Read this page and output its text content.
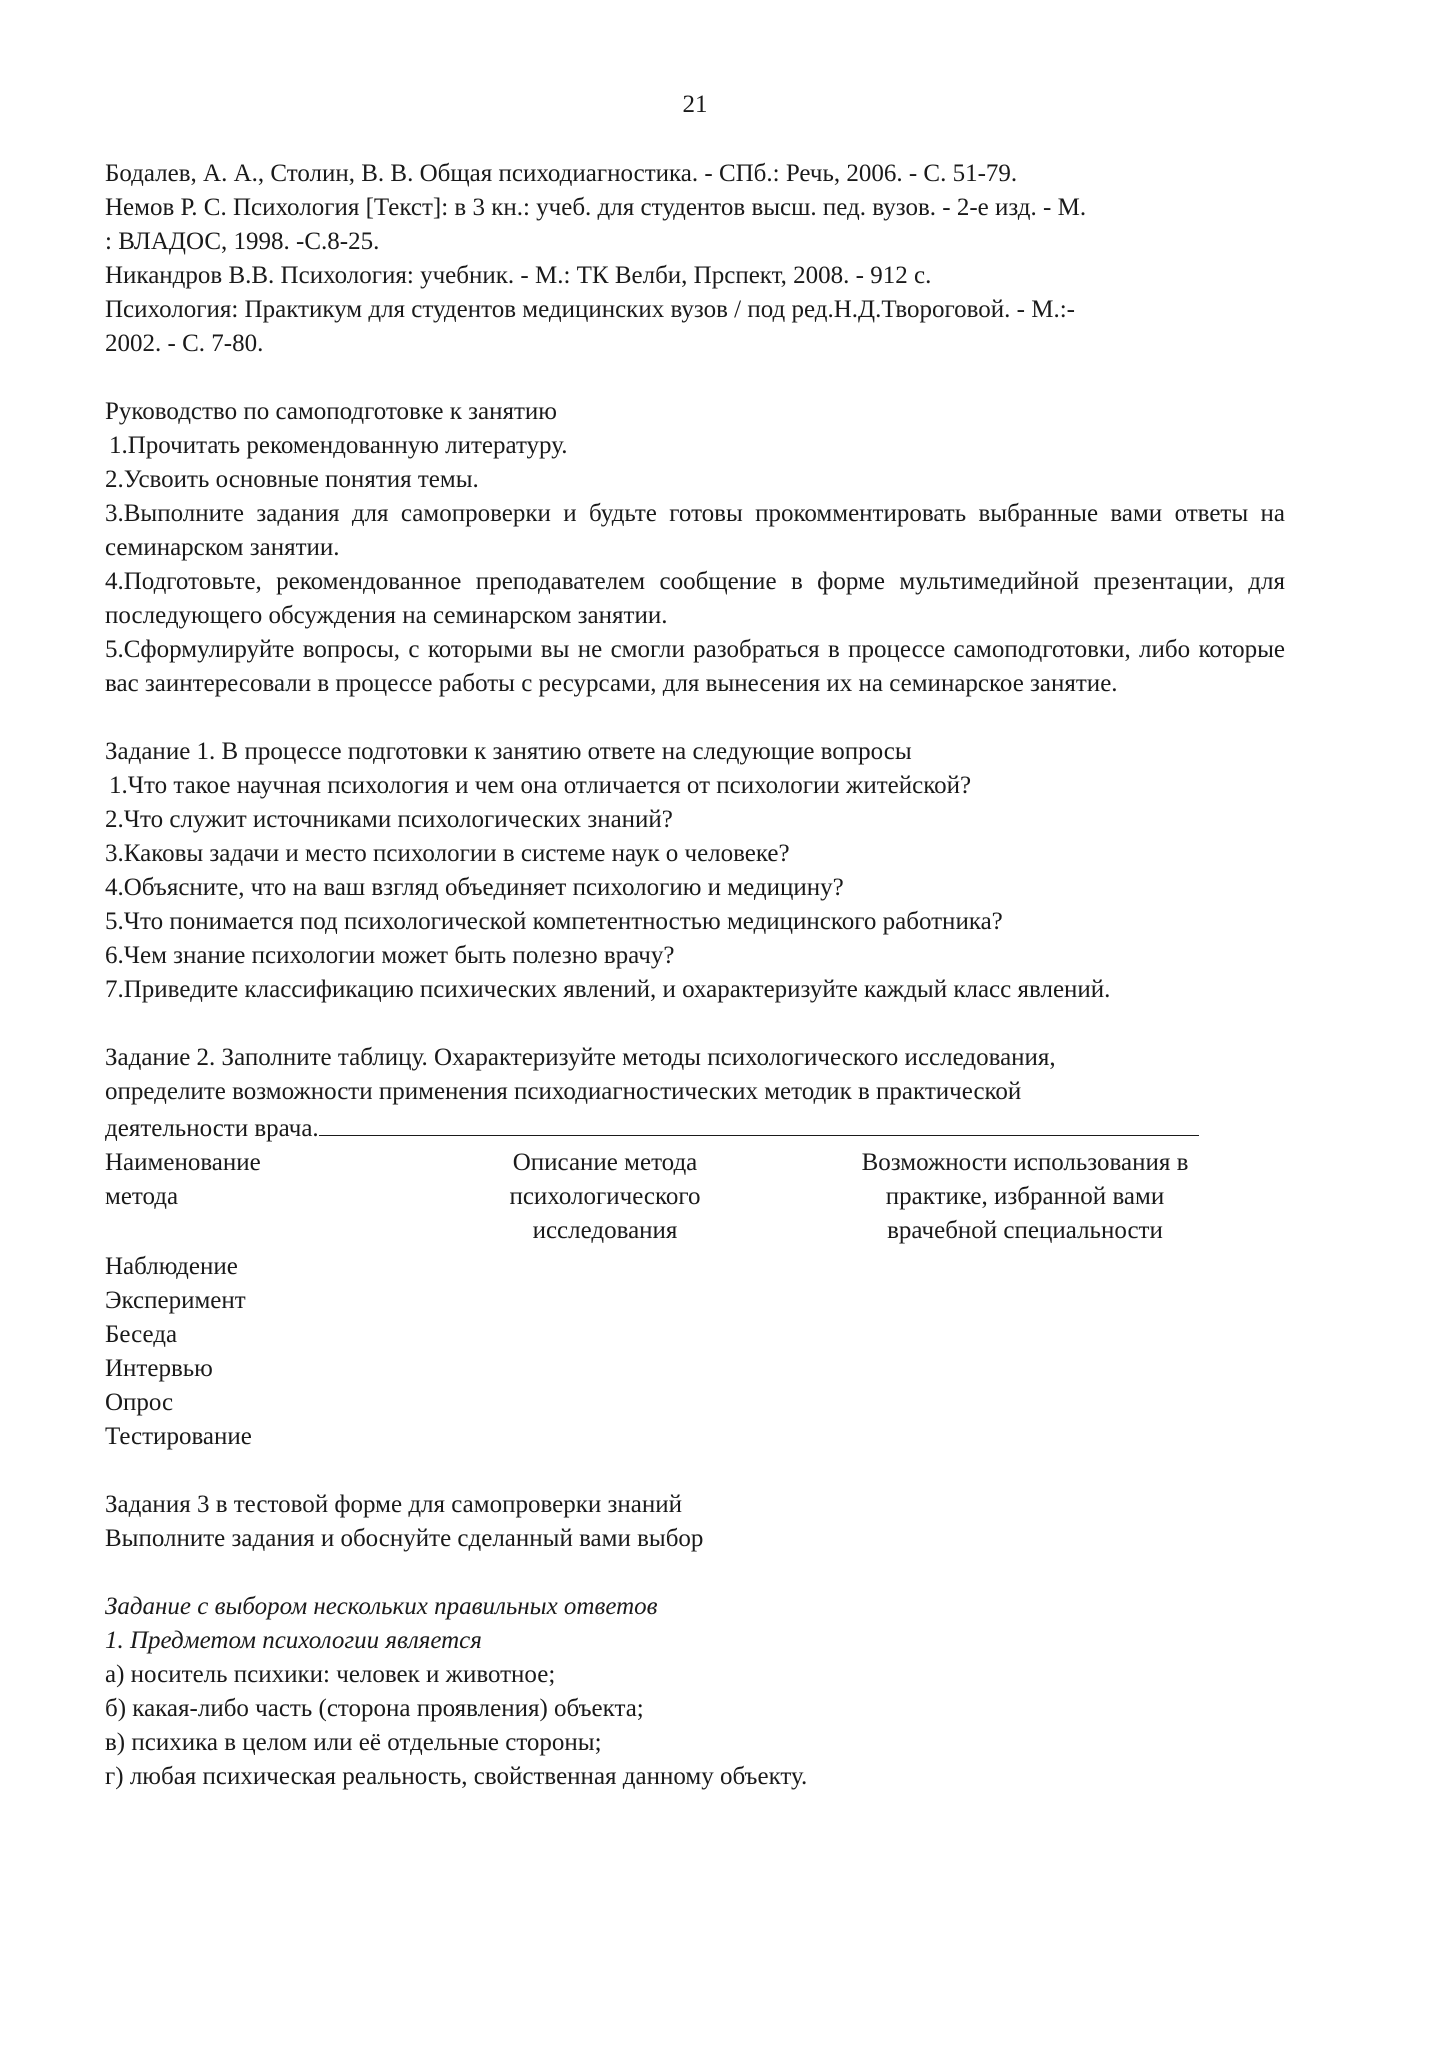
21
Бодалев, А. А., Столин, В. В. Общая психодиагностика. - СПб.: Речь, 2006. - С. 51-79.
Немов Р. С. Психология [Текст]: в 3 кн.: учеб. для студентов высш. пед. вузов. - 2-е изд. - М.
: ВЛАДОС, 1998. -С.8-25.
Никандров В.В. Психология: учебник. - М.: ТК Велби, Прспект, 2008. - 912 с.
Психология: Практикум для студентов медицинских вузов / под ред.Н.Д.Твороговой. - М.:-
2002. - С. 7-80.
Руководство по самоподготовке к занятию
1.Прочитать рекомендованную литературу.
2.Усвоить основные понятия темы.

3.Выполните задания для самопроверки и будьте готовы прокомментировать выбранные вами ответы на семинарском занятии.

4.Подготовьте, рекомендованное преподавателем сообщение в форме мультимедийной презентации, для последующего обсуждения на семинарском занятии.

5.Сформулируйте вопросы, с которыми вы не смогли разобраться в процессе самоподготовки, либо которые вас заинтересовали в процессе работы с ресурсами, для вынесения их на семинарское занятие.

Задание 1. В процессе подготовки к занятию ответе на следующие вопросы
1.Что такое научная психология и чем она отличается от психологии житейской?
2.Что служит источниками психологических знаний?
3.Каковы задачи и место психологии в системе наук о человеке?
4.Объясните, что на ваш взгляд объединяет психологию и медицину?
5.Что понимается под психологической компетентностью медицинского работника?
6.Чем знание психологии может быть полезно врачу?

7.Приведите классификацию психических явлений, и охарактеризуйте каждый класс явлений.

Задание 2. Заполните таблицу. Охарактеризуйте методы психологического исследования,
определите возможности применения психодиагностических методик в практической
деятельности врача.
Наименование
метода
Описание метода
психологического
исследования
Возможности использования в
практике, избранной вами
врачебной специальности
Наблюдение
Эксперимент
Беседа
Интервью
Опрос
Тестирование
Задания 3 в тестовой форме для самопроверки знаний
Выполните задания и обоснуйте сделанный вами выбор
Задание с выбором нескольких правильных ответов
1. Предметом психологии является
а) носитель психики: человек и животное;
б) какая-либо часть (сторона проявления) объекта;
в) психика в целом или её отдельные стороны;
г) любая психическая реальность, свойственная данному объекту.
